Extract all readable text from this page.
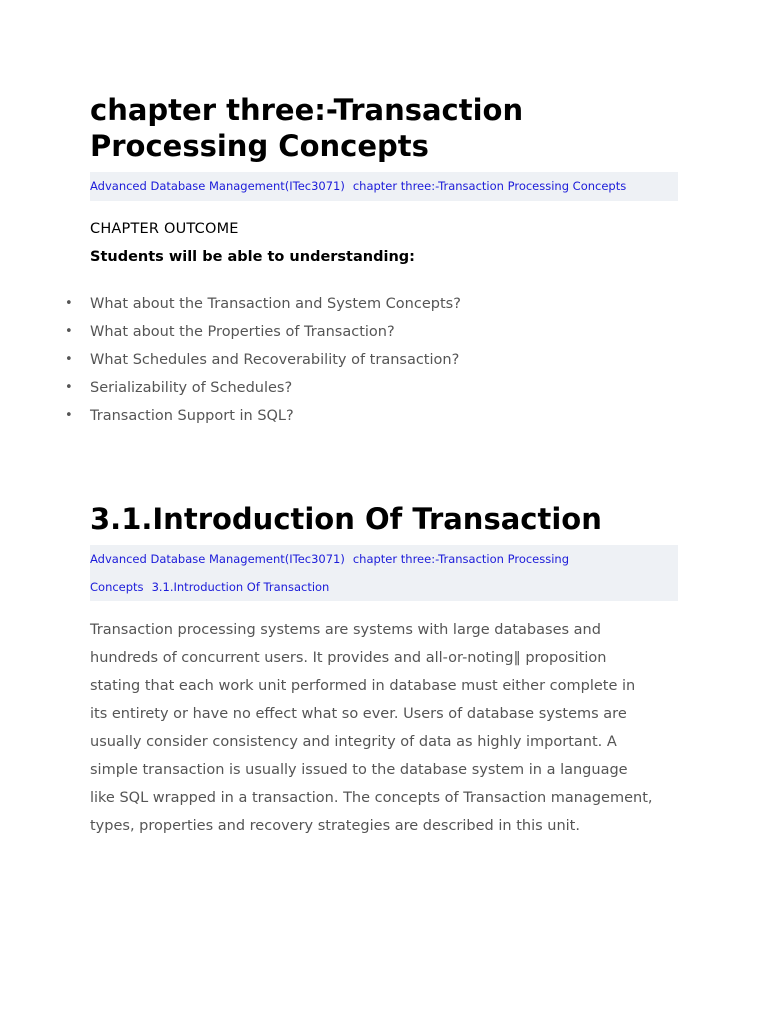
chapter three:-Transaction
Processing Concepts
Advanced Database Management(ITec3071) chapter three:-Transaction Processing Concepts
CHAPTER OUTCOME
Students will be able to understanding:
• What about the Transaction and System Concepts?
• What about the Properties of Transaction?
• What Schedules and Recoverability of transaction?
• Serializability of Schedules?
• Transaction Support in SQL?
3.1.Introduction Of Transaction
Advanced Database Management(ITec3071) chapter three:-Transaction Processing
Concepts 3.1.Introduction Of Transaction

Transaction processing systems are systems with large databases and
hundreds of concurrent users. It provides and all-or-noting‖ proposition
stating that each work unit performed in database must either complete in
its entirety or have no effect what so ever. Users of database systems are
usually consider consistency and integrity of data as highly important. A
simple transaction is usually issued to the database system in a language
like SQL wrapped in a transaction. The concepts of Transaction management,
types, properties and recovery strategies are described in this unit.
